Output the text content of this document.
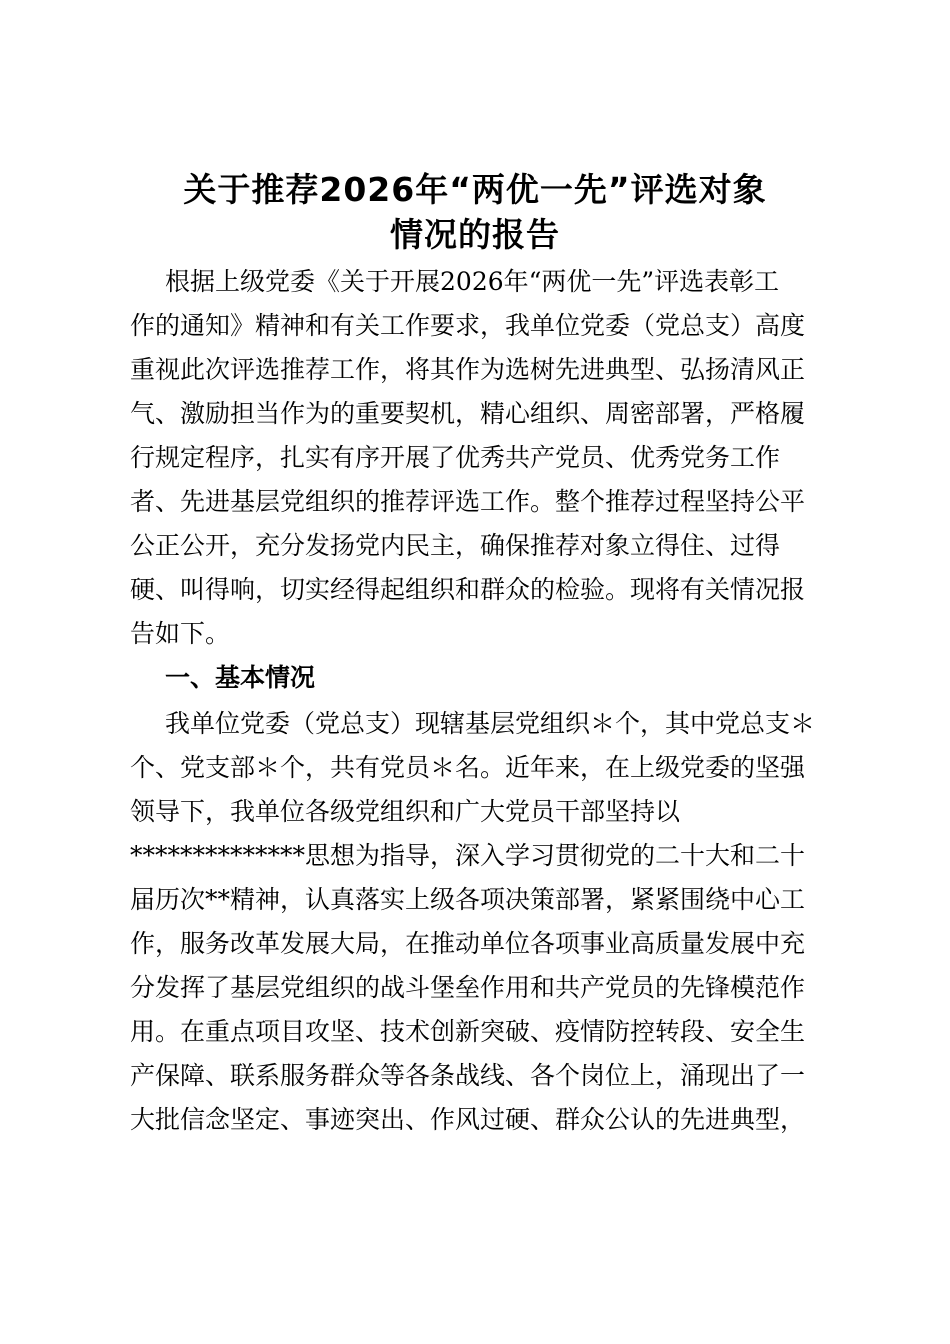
关于推荐2026年“两优一先”评选对象
情况的报告

根据上级党委《关于开展2026年“两优一先”评选表彰工

作的通知》精神和有关工作要求，我单位党委（党总支）高度

重视此次评选推荐工作，将其作为选树先进典型、弘扬清风正

气、激励担当作为的重要契机，精心组织、周密部署，严格履

行规定程序，扎实有序开展了优秀共产党员、优秀党务工作

者、先进基层党组织的推荐评选工作。整个推荐过程坚持公平

公正公开，充分发扬党内民主，确保推荐对象立得住、过得

硬、叫得响，切实经得起组织和群众的检验。现将有关情况报

告如下。

一、基本情况

我单位党委（党总支）现辖基层党组织＊个，其中党总支＊

个、党支部＊个，共有党员＊名。近年来，在上级党委的坚强

领导下，我单位各级党组织和广大党员干部坚持以

**************思想为指导，深入学习贯彻党的二十大和二十

届历次**精神，认真落实上级各项决策部署，紧紧围绕中心工

作，服务改革发展大局，在推动单位各项事业高质量发展中充

分发挥了基层党组织的战斗堡垒作用和共产党员的先锋模范作

用。在重点项目攻坚、技术创新突破、疫情防控转段、安全生

产保障、联系服务群众等各条战线、各个岗位上，涌现出了一

大批信念坚定、事迹突出、作风过硬、群众公认的先进典型，
